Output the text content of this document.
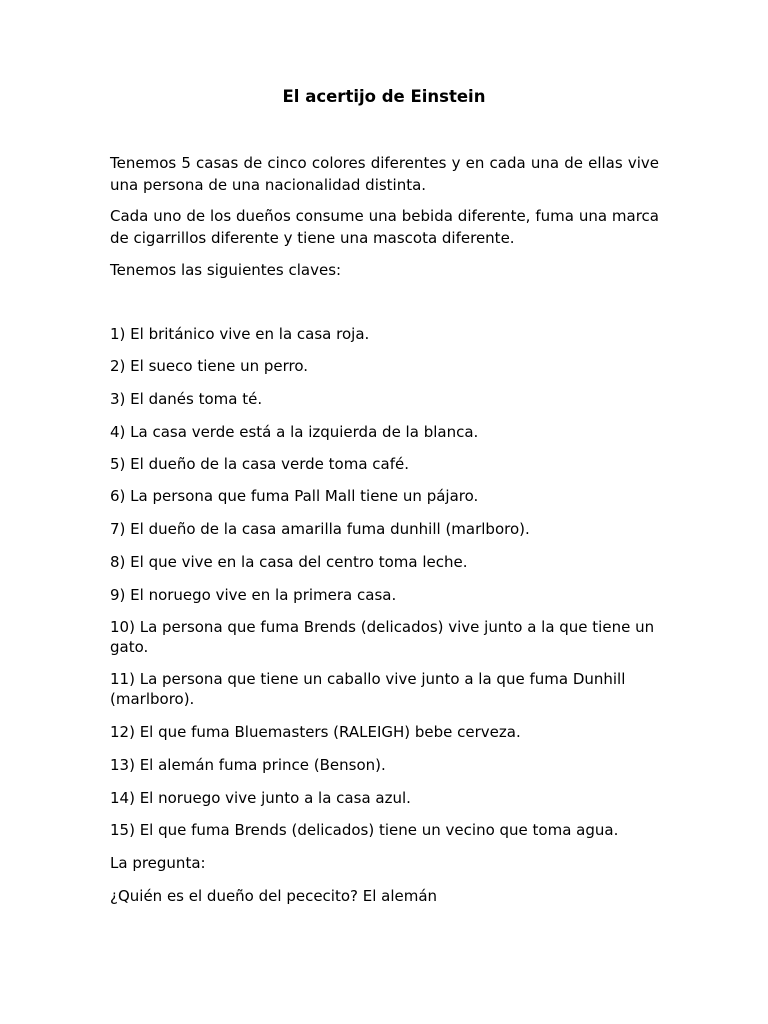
El acertijo de Einstein

Tenemos 5 casas de cinco colores diferentes y en cada una de ellas vive una persona de una nacionalidad distinta.

Cada uno de los dueños consume una bebida diferente, fuma una marca de cigarrillos diferente y tiene una mascota diferente.

Tenemos las siguientes claves:

1) El británico vive en la casa roja.

2) El sueco tiene un perro.

3) El danés toma té.

4) La casa verde está a la izquierda de la blanca.

5) El dueño de la casa verde toma café.

6) La persona que fuma Pall Mall tiene un pájaro.

7) El dueño de la casa amarilla fuma dunhill (marlboro).

8) El que vive en la casa del centro toma leche.

9) El noruego vive en la primera casa.

10) La persona que fuma Brends (delicados) vive junto a la que tiene un gato.

11) La persona que tiene un caballo vive junto a la que fuma Dunhill (marlboro).

12) El que fuma Bluemasters (RALEIGH) bebe cerveza.

13) El alemán fuma prince (Benson).

14) El noruego vive junto a la casa azul.

15) El que fuma Brends (delicados) tiene un vecino que toma agua.

La pregunta:

¿Quién es el dueño del pececito? El alemán
